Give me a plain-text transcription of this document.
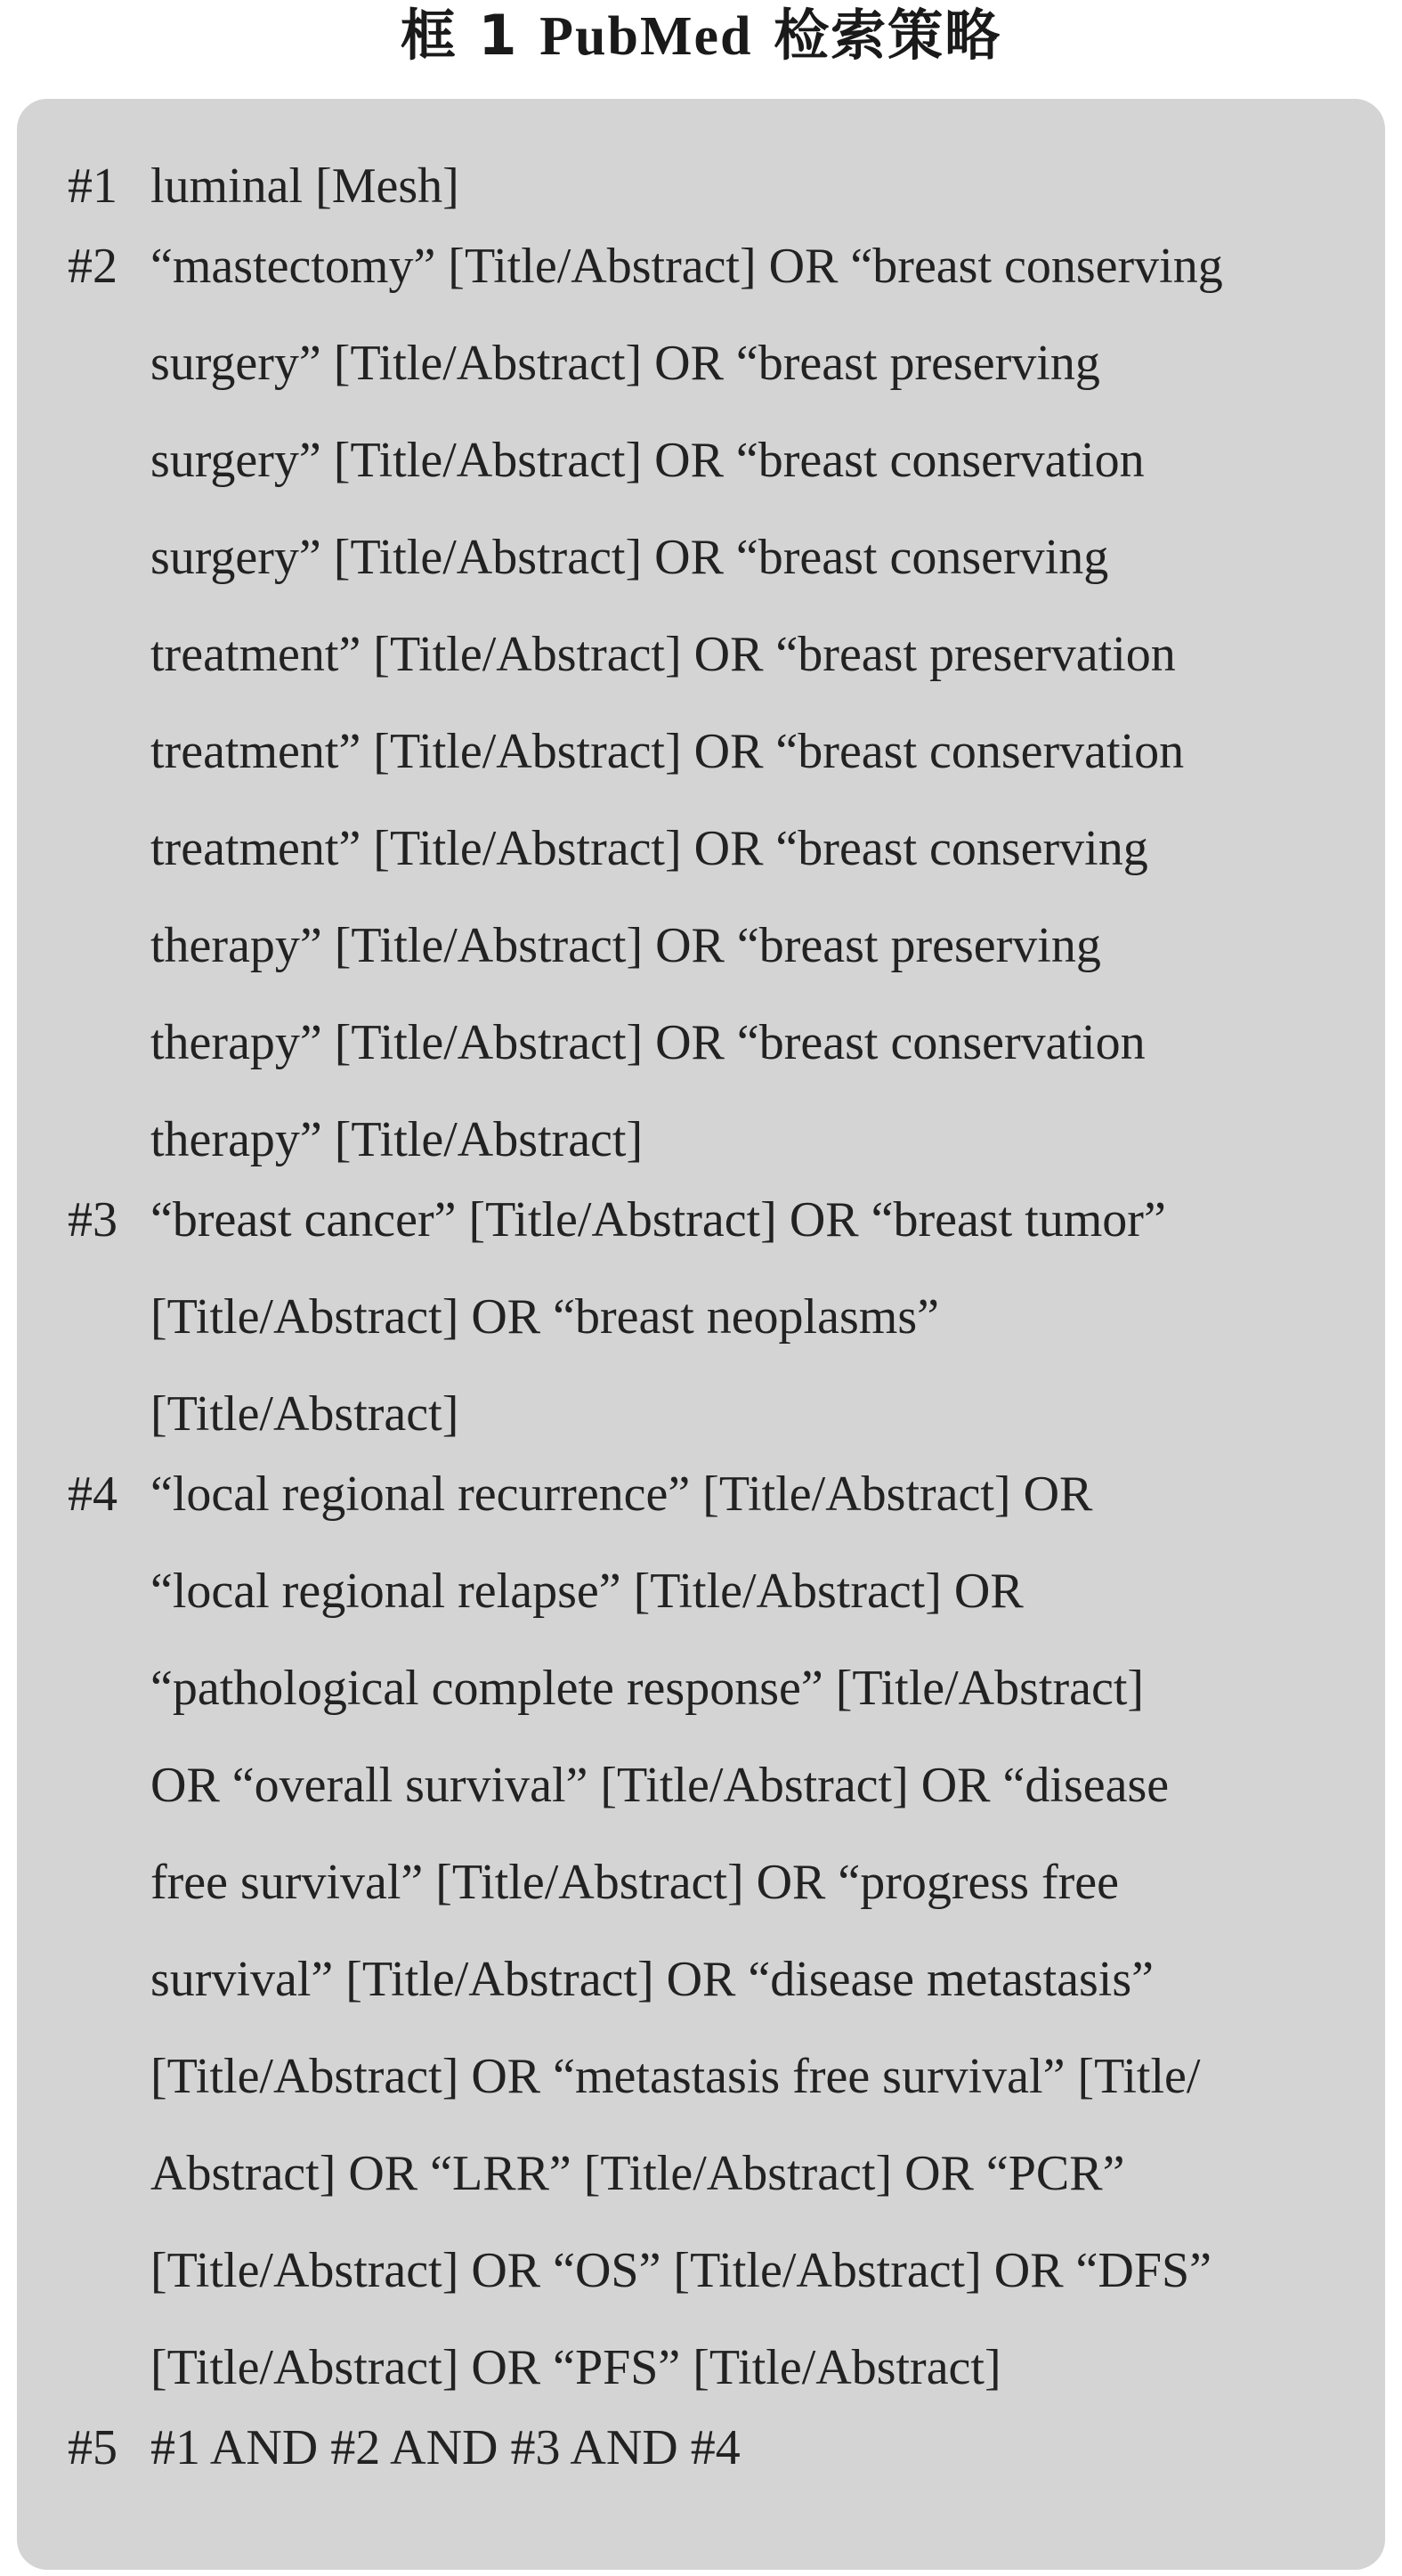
框 1 PubMed 检索策略
#1 luminal [Mesh]
#2 “mastectomy” [Title/Abstract] OR “breast conserving
surgery” [Title/Abstract] OR “breast preserving
surgery” [Title/Abstract] OR “breast conservation
surgery” [Title/Abstract] OR “breast conserving
treatment” [Title/Abstract] OR “breast preservation
treatment” [Title/Abstract] OR “breast conservation
treatment” [Title/Abstract] OR “breast conserving
therapy” [Title/Abstract] OR “breast preserving
therapy” [Title/Abstract] OR “breast conservation
therapy” [Title/Abstract]
#3 “breast cancer” [Title/Abstract] OR “breast tumor”
[Title/Abstract] OR “breast neoplasms”
[Title/Abstract]
#4 “local regional recurrence” [Title/Abstract] OR
“local regional relapse” [Title/Abstract] OR
“pathological complete response” [Title/Abstract]
OR “overall survival” [Title/Abstract] OR “disease
free survival” [Title/Abstract] OR “progress free
survival” [Title/Abstract] OR “disease metastasis”
[Title/Abstract] OR “metastasis free survival” [Title/
Abstract] OR “LRR” [Title/Abstract] OR “PCR”
[Title/Abstract] OR “OS” [Title/Abstract] OR “DFS”
[Title/Abstract] OR “PFS” [Title/Abstract]
#5 #1 AND #2 AND #3 AND #4
